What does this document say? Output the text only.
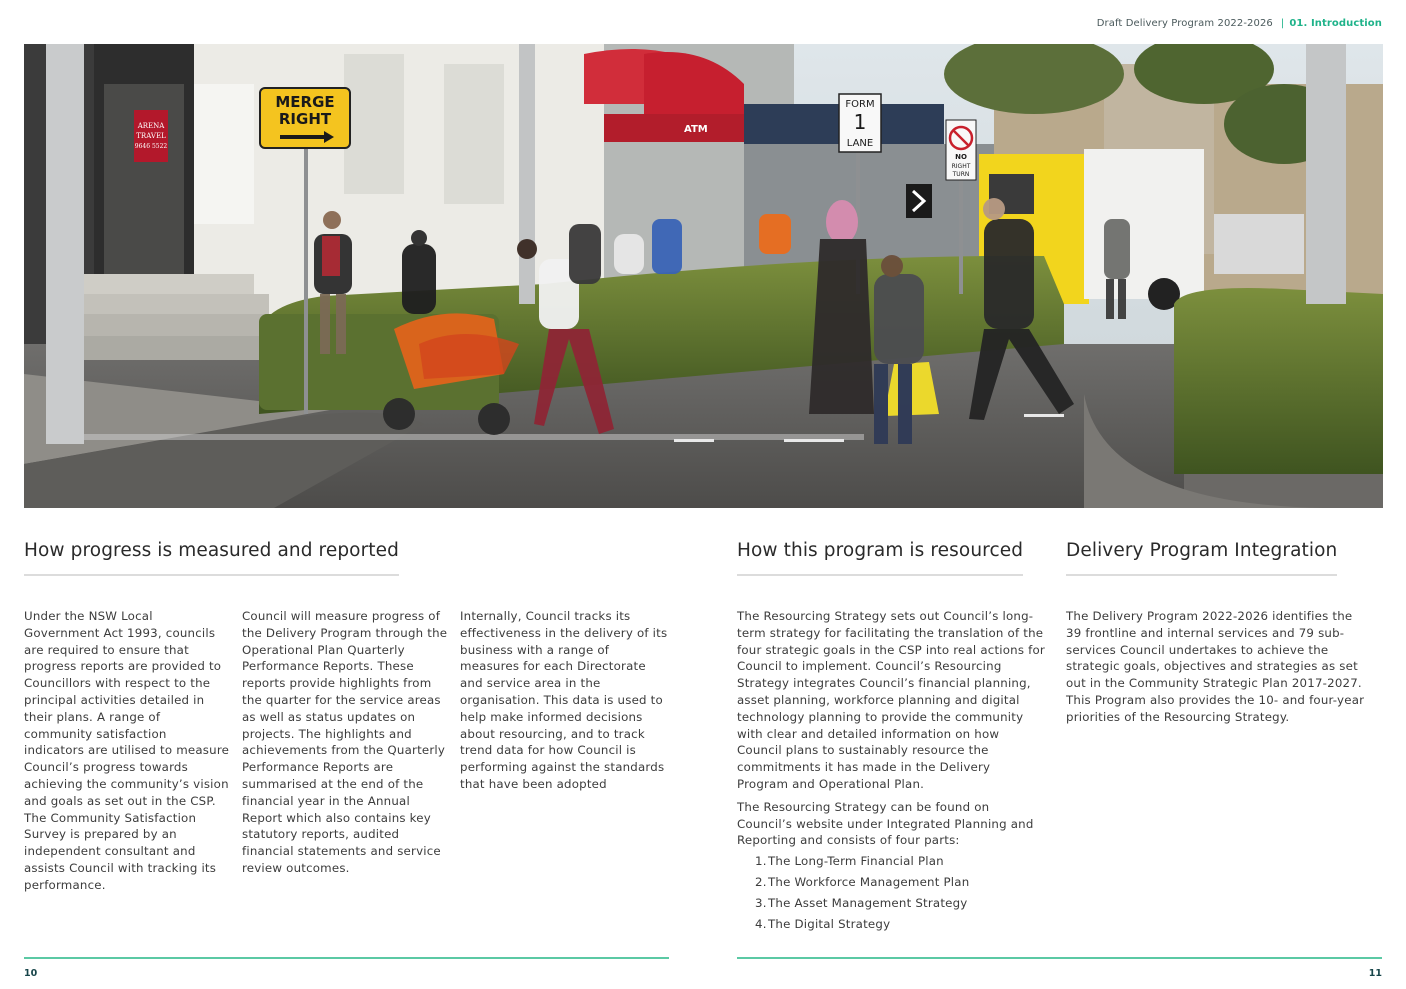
Draft Delivery Program 2022-2026 | 01. Introduction
ARENA
TRAVEL
9646 5522
MERGE
RIGHT
ATM
FORM
1
LANE
NO
RIGHT
TURN
How progress is measured and reported
Under the NSW Local Government Act 1993, councils are required to ensure that progress reports are provided to Councillors with respect to the principal activities detailed in their plans. A range of community satisfaction indicators are utilised to measure Council’s progress towards achieving the community’s vision and goals as set out in the CSP. The Community Satisfaction Survey is prepared by an independent consultant and assists Council with tracking its performance.
Council will measure progress of the Delivery Program through the Operational Plan Quarterly Performance Reports. These reports provide highlights from the quarter for the service areas as well as status updates on projects. The highlights and achievements from the Quarterly Performance Reports are summarised at the end of the financial year in the Annual Report which also contains key statutory reports, audited financial statements and service review outcomes.
Internally, Council tracks its effectiveness in the delivery of its business with a range of measures for each Directorate and service area in the organisation. This data is used to help make informed decisions about resourcing, and to track trend data for how Council is performing against the standards that have been adopted
How this program is resourced

The Resourcing Strategy sets out Council’s long-term strategy for facilitating the translation of the four strategic goals in the CSP into real actions for Council to implement. Council’s Resourcing Strategy integrates Council’s financial planning, asset planning, workforce planning and digital technology planning to provide the community with clear and detailed information on how Council plans to sustainably resource the commitments it has made in the Delivery Program and Operational Plan.

The Resourcing Strategy can be found on Council’s website under Integrated Planning and Reporting and consists of four parts:

1. The Long-Term Financial Plan
2. The Workforce Management Plan
3. The Asset Management Strategy
4. The Digital Strategy
Delivery Program Integration

The Delivery Program 2022-2026 identifies the 39 frontline and internal services and 79 sub-services Council undertakes to achieve the strategic goals, objectives and strategies as set out in the Community Strategic Plan 2017-2027. This Program also provides the 10- and four-year priorities of the Resourcing Strategy.

10	11
